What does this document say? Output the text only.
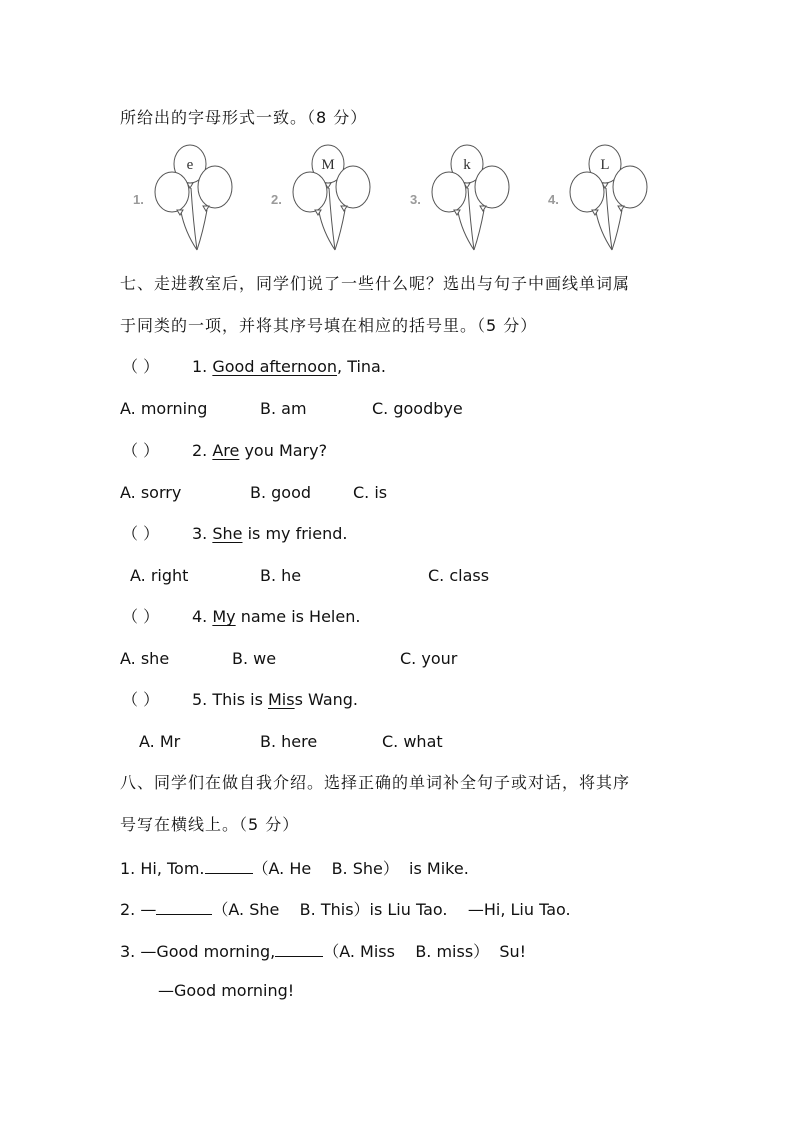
所给出的字母形式一致。（8 分）
1.
e
2.
M
3.
k
4.
L
七、走进教室后，同学们说了一些什么呢？选出与句子中画线单词属
于同类的一项，并将其序号填在相应的括号里。（5 分）
（ ） 1. Good afternoon, Tina.
A. morning	B. am	C. goodbye
（ ） 2. Are you Mary?
A. sorry	B. good	C. is
（ ） 3. She is my friend.
A. right	B. he	C. class
（ ） 4. My name is Helen.
A. she	B. we	C. your
（ ） 5. This is Miss Wang.
A. Mr	B. here	C. what
八、同学们在做自我介绍。选择正确的单词补全句子或对话，将其序
号写在横线上。（5 分）
1. Hi, Tom.	（A. He    B. She）  is Mike.
2. —	（A. She    B. This）is Liu Tao.    —Hi, Liu Tao.
3. —Good morning,	（A. Miss    B. miss）  Su!
—Good morning!
